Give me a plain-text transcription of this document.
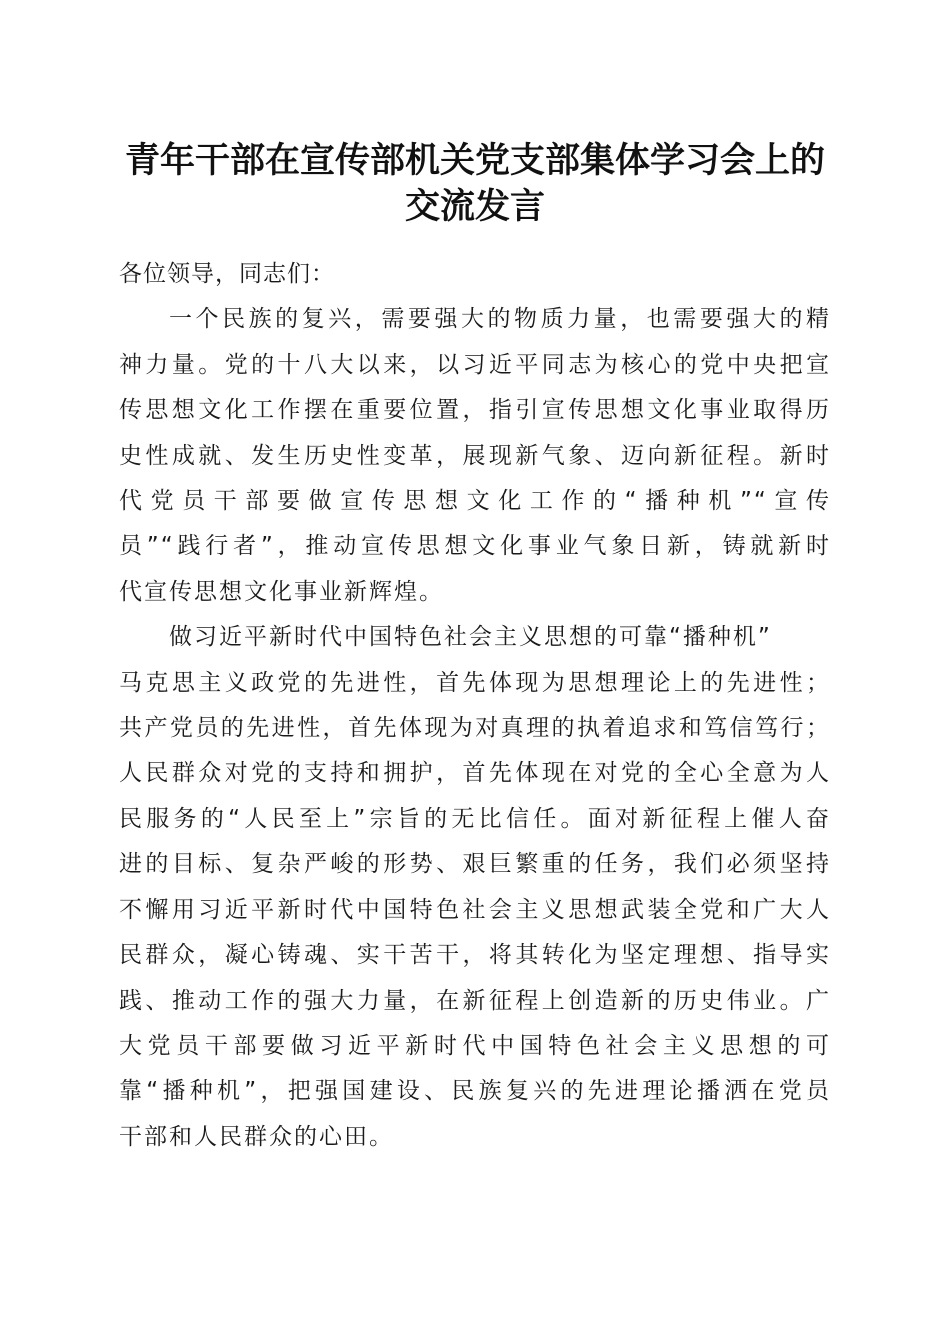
青年干部在宣传部机关党支部集体学习会上的
交流发言
各位领导，同志们：
一个民族的复兴，需要强大的物质力量，也需要强大的精
神力量。党的十八大以来，以习近平同志为核心的党中央把宣
传思想文化工作摆在重要位置，指引宣传思想文化事业取得历
史性成就、发生历史性变革，展现新气象、迈向新征程。新时
代党员干部要做宣传思想文化工作的“播种机”“宣传
员”“践行者”，推动宣传思想文化事业气象日新，铸就新时
代宣传思想文化事业新辉煌。
做习近平新时代中国特色社会主义思想的可靠“播种机”
马克思主义政党的先进性，首先体现为思想理论上的先进性；
共产党员的先进性，首先体现为对真理的执着追求和笃信笃行；
人民群众对党的支持和拥护，首先体现在对党的全心全意为人
民服务的“人民至上”宗旨的无比信任。面对新征程上催人奋
进的目标、复杂严峻的形势、艰巨繁重的任务，我们必须坚持
不懈用习近平新时代中国特色社会主义思想武装全党和广大人
民群众，凝心铸魂、实干苦干，将其转化为坚定理想、指导实
践、推动工作的强大力量，在新征程上创造新的历史伟业。广
大党员干部要做习近平新时代中国特色社会主义思想的可
靠“播种机”，把强国建设、民族复兴的先进理论播洒在党员
干部和人民群众的心田。
